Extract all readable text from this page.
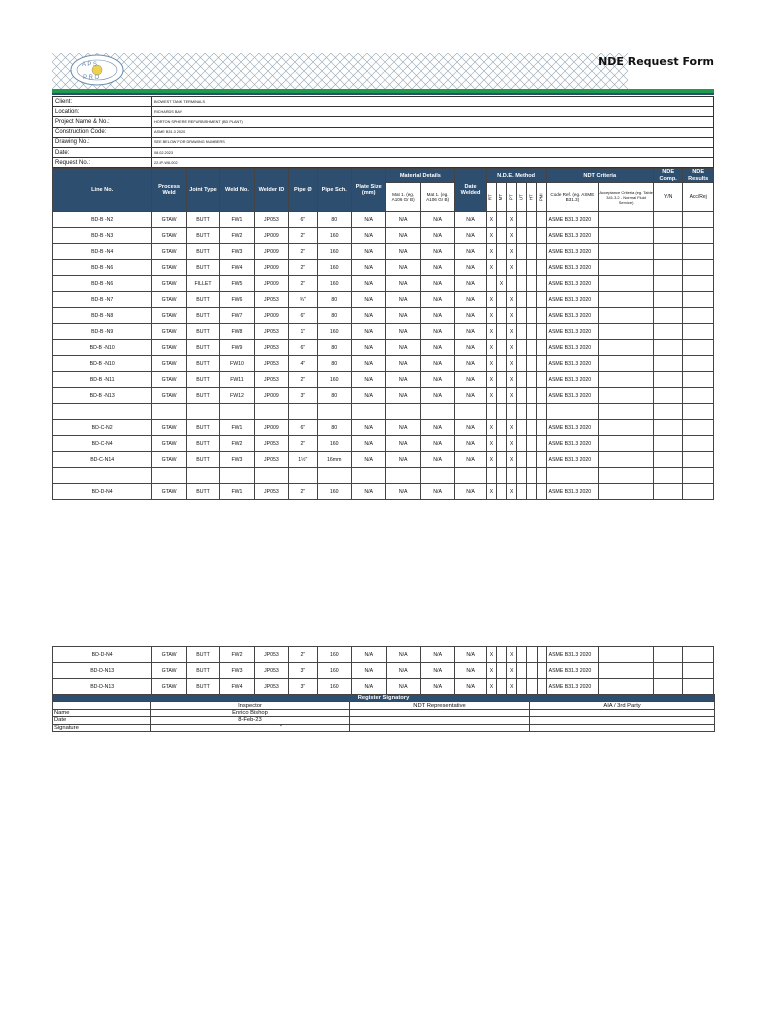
A P S
P R O
NDE Request Form
Client:	BIOWEST TANK TERMINALS
Location:	RICHARDS BAY
Project Name & No.:	HORTON SPHERE REFURBISHMENT (BD PLANT)
Construction Code:	ASME B31.3 2020
Drawing No.:	SEE BELOW FOR DRAWING NUMBERS
Date:	08.02.2023
Request No.:	22-IP-W8-002
Line No.	Process Weld	Joint Type	Weld No.	Welder ID	Pipe Ø	Pipe Sch.	Plate Size (mm)	Material Details		Date Welded	N.D.E. Method						NDT Criteria		NDE Comp.	NDE Results
								Mat 1. (eg. A106 Gr B)	Mat 1. (eg. A106 Gr B)		RT	MT	PT	UT	HT	PMI	Code Ref. (eg. ASME B31.3)	Acceptance Criteria (eg. Table 341.3.2 - Normal Fluid Service)	Y/N	Acc/Rej
BD-B -N2	GTAW	BUTT	FW1	JP053	6"	80	N/A	N/A	N/A	N/A	X		X				ASME B31.3 2020			
BD-B -N3	GTAW	BUTT	FW2	JP009	2"	160	N/A	N/A	N/A	N/A	X		X				ASME B31.3 2020			
BD-B -N4	GTAW	BUTT	FW3	JP009	2"	160	N/A	N/A	N/A	N/A	X		X				ASME B31.3 2020			
BD-B -N6	GTAW	BUTT	FW4	JP009	2"	160	N/A	N/A	N/A	N/A	X		X				ASME B31.3 2020			
BD-B -N6	GTAW	FILLET	FW5	JP009	2"	160	N/A	N/A	N/A	N/A		X					ASME B31.3 2020			
BD-B -N7	GTAW	BUTT	FW6	JP053	¾"	80	N/A	N/A	N/A	N/A	X		X				ASME B31.3 2020			
BD-B -N8	GTAW	BUTT	FW7	JP009	6"	80	N/A	N/A	N/A	N/A	X		X				ASME B31.3 2020			
BD-B -N9	GTAW	BUTT	FW8	JP053	1"	160	N/A	N/A	N/A	N/A	X		X				ASME B31.3 2020			
BD-B -N10	GTAW	BUTT	FW9	JP053	6"	80	N/A	N/A	N/A	N/A	X		X				ASME B31.3 2020			
BD-B -N10	GTAW	BUTT	FW10	JP053	4"	80	N/A	N/A	N/A	N/A	X		X				ASME B31.3 2020			
BD-B -N11	GTAW	BUTT	FW11	JP053	2"	160	N/A	N/A	N/A	N/A	X		X				ASME B31.3 2020			
BD-B -N13	GTAW	BUTT	FW12	JP009	3"	80	N/A	N/A	N/A	N/A	X		X				ASME B31.3 2020			

BD-C-N2	GTAW	BUTT	FW1	JP009	6"	80	N/A	N/A	N/A	N/A	X		X				ASME B31.3 2020			
BD-C-N4	GTAW	BUTT	FW2	JP053	2"	160	N/A	N/A	N/A	N/A	X		X				ASME B31.3 2020			
BD-C-N14	GTAW	BUTT	FW3	JP053	1½"	16mm	N/A	N/A	N/A	N/A	X		X				ASME B31.3 2020			

BD-D-N4	GTAW	BUTT	FW1	JP053	2"	160	N/A	N/A	N/A	N/A	X		X				ASME B31.3 2020			
BD-D-N4	GTAW	BUTT	FW2	JP053	2"	160	N/A	N/A	N/A	N/A	X		X				ASME B31.3 2020			
BD-D-N13	GTAW	BUTT	FW3	JP053	3"	160	N/A	N/A	N/A	N/A	X		X				ASME B31.3 2020			
BD-D-N13	GTAW	BUTT	FW4	JP053	3"	160	N/A	N/A	N/A	N/A	X		X				ASME B31.3 2020			
Register Signatory			
	Inspector	NDT Representative	AIA / 3rd Party
Name	Enrico Bishop		
Date	8-Feb-23		
Signature	
